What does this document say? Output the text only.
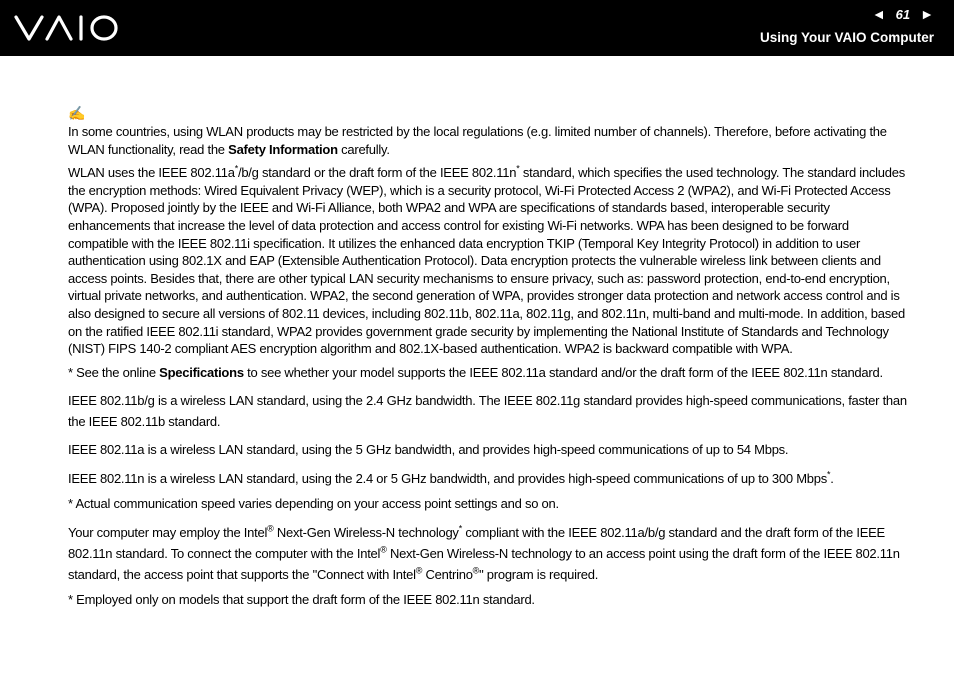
◄ 61 ►
Using Your VAIO Computer
✍

In some countries, using WLAN products may be restricted by the local regulations (e.g. limited number of channels). Therefore, before activating the WLAN functionality, read the Safety Information carefully.

WLAN uses the IEEE 802.11a*/b/g standard or the draft form of the IEEE 802.11n* standard, which specifies the used technology. The standard includes the encryption methods: Wired Equivalent Privacy (WEP), which is a security protocol, Wi-Fi Protected Access 2 (WPA2), and Wi-Fi Protected Access (WPA). Proposed jointly by the IEEE and Wi-Fi Alliance, both WPA2 and WPA are specifications of standards based, interoperable security enhancements that increase the level of data protection and access control for existing Wi-Fi networks. WPA has been designed to be forward compatible with the IEEE 802.11i specification. It utilizes the enhanced data encryption TKIP (Temporal Key Integrity Protocol) in addition to user authentication using 802.1X and EAP (Extensible Authentication Protocol). Data encryption protects the vulnerable wireless link between clients and access points. Besides that, there are other typical LAN security mechanisms to ensure privacy, such as: password protection, end-to-end encryption, virtual private networks, and authentication. WPA2, the second generation of WPA, provides stronger data protection and network access control and is also designed to secure all versions of 802.11 devices, including 802.11b, 802.11a, 802.11g, and 802.11n, multi-band and multi-mode. In addition, based on the ratified IEEE 802.11i standard, WPA2 provides government grade security by implementing the National Institute of Standards and Technology (NIST) FIPS 140-2 compliant AES encryption algorithm and 802.1X-based authentication. WPA2 is backward compatible with WPA.

* See the online Specifications to see whether your model supports the IEEE 802.11a standard and/or the draft form of the IEEE 802.11n standard.

IEEE 802.11b/g is a wireless LAN standard, using the 2.4 GHz bandwidth. The IEEE 802.11g standard provides high-speed communications, faster than the IEEE 802.11b standard.

IEEE 802.11a is a wireless LAN standard, using the 5 GHz bandwidth, and provides high-speed communications of up to 54 Mbps.

IEEE 802.11n is a wireless LAN standard, using the 2.4 or 5 GHz bandwidth, and provides high-speed communications of up to 300 Mbps*.

* Actual communication speed varies depending on your access point settings and so on.

Your computer may employ the Intel® Next-Gen Wireless-N technology* compliant with the IEEE 802.11a/b/g standard and the draft form of the IEEE 802.11n standard. To connect the computer with the Intel® Next-Gen Wireless-N technology to an access point using the draft form of the IEEE 802.11n standard, the access point that supports the "Connect with Intel® Centrino®" program is required.

* Employed only on models that support the draft form of the IEEE 802.11n standard.
